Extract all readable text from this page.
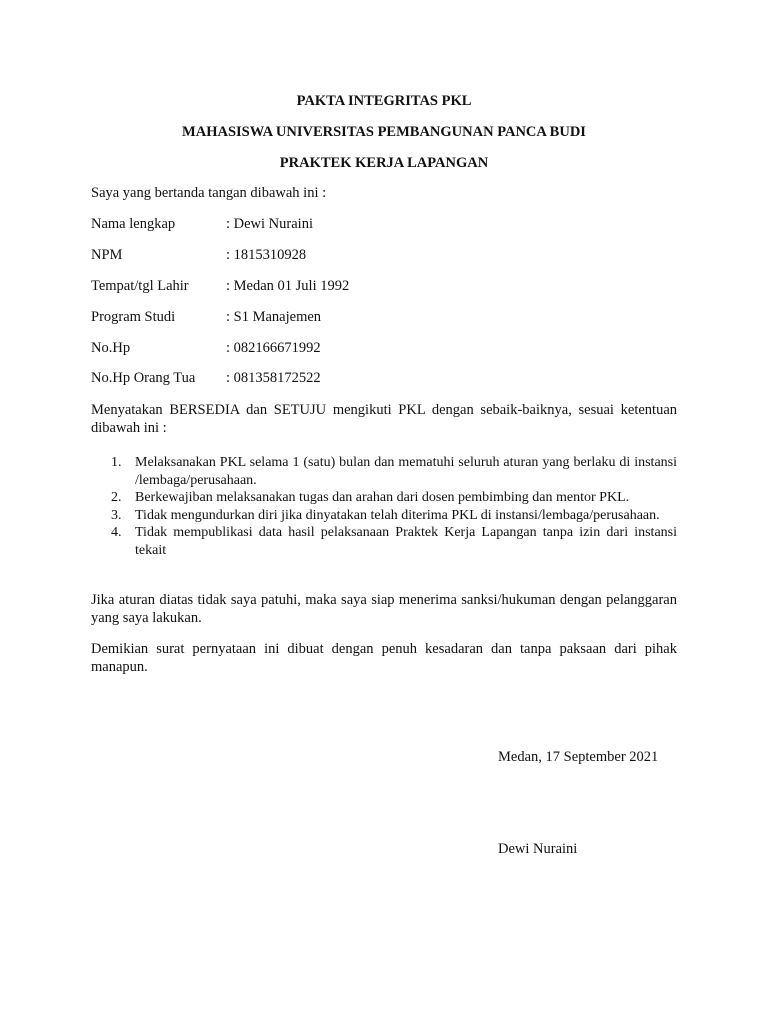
PAKTA INTEGRITAS PKL
MAHASISWA UNIVERSITAS PEMBANGUNAN PANCA BUDI
PRAKTEK KERJA LAPANGAN
Saya yang bertanda tangan dibawah ini :
Nama lengkap	: Dewi Nuraini
NPM	: 1815310928
Tempat/tgl Lahir	: Medan 01 Juli 1992
Program Studi	: S1 Manajemen
No.Hp	: 082166671992
No.Hp Orang Tua : 081358172522
Menyatakan BERSEDIA dan SETUJU mengikuti PKL dengan sebaik-baiknya, sesuai ketentuan dibawah ini :
1. Melaksanakan PKL selama 1 (satu) bulan dan mematuhi seluruh aturan yang berlaku di instansi /lembaga/perusahaan.
2. Berkewajiban melaksanakan tugas dan arahan dari dosen pembimbing dan mentor PKL.
3. Tidak mengundurkan diri jika dinyatakan telah diterima PKL di instansi/lembaga/perusahaan.
4. Tidak mempublikasi data hasil pelaksanaan Praktek Kerja Lapangan tanpa izin dari instansi tekait
Jika aturan diatas tidak saya patuhi, maka saya siap menerima sanksi/hukuman dengan pelanggaran yang saya lakukan.
Demikian surat pernyataan ini dibuat dengan penuh kesadaran dan tanpa paksaan dari pihak manapun.
Medan, 17 September 2021
Dewi Nuraini
